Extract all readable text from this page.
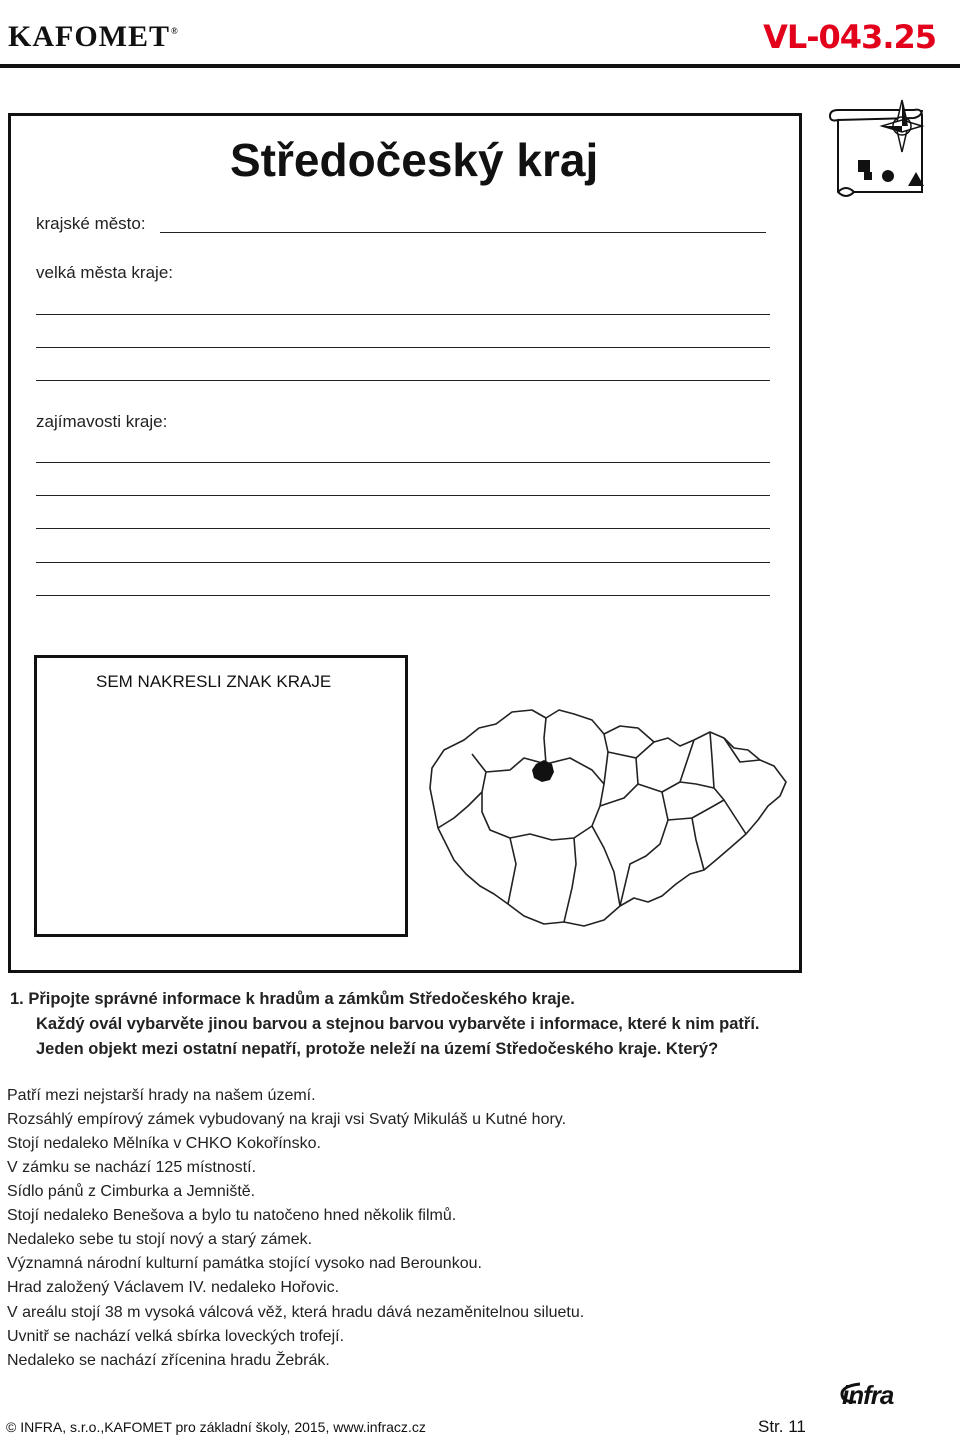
KAFOMET®	VL-043.25
Středočeský kraj
krajské město:
velká města kraje:
zajímavosti kraje:
SEM NAKRESLI ZNAK KRAJE
1. Připojte správné informace k hradům a zámkům Středočeského kraje.
Každý ovál vybarvěte jinou barvou a stejnou barvou vybarvěte i informace, které k nim patří.
Jeden objekt mezi ostatní nepatří, protože neleží na území Středočeského kraje. Který?
Patří mezi nejstarší hrady na našem území.
Rozsáhlý empírový zámek vybudovaný na kraji vsi Svatý Mikuláš u Kutné hory.
Stojí nedaleko Mělníka v CHKO Kokořínsko.
V zámku se nachází 125 místností.
Sídlo pánů z Cimburka a Jemniště.
Stojí nedaleko Benešova a bylo tu natočeno hned několik filmů.
Nedaleko sebe tu stojí nový a starý zámek.
Významná národní kulturní památka stojící vysoko nad Berounkou.
Hrad založený Václavem IV. nedaleko Hořovic.
V areálu stojí 38 m vysoká válcová věž, která hradu dává nezaměnitelnou siluetu.
Uvnitř se nachází velká sbírka loveckých trofejí.
Nedaleko se nachází zřícenina hradu Žebrák.
infra
© INFRA, s.r.o.,KAFOMET pro základní školy, 2015, www.infracz.cz	Str. 11
